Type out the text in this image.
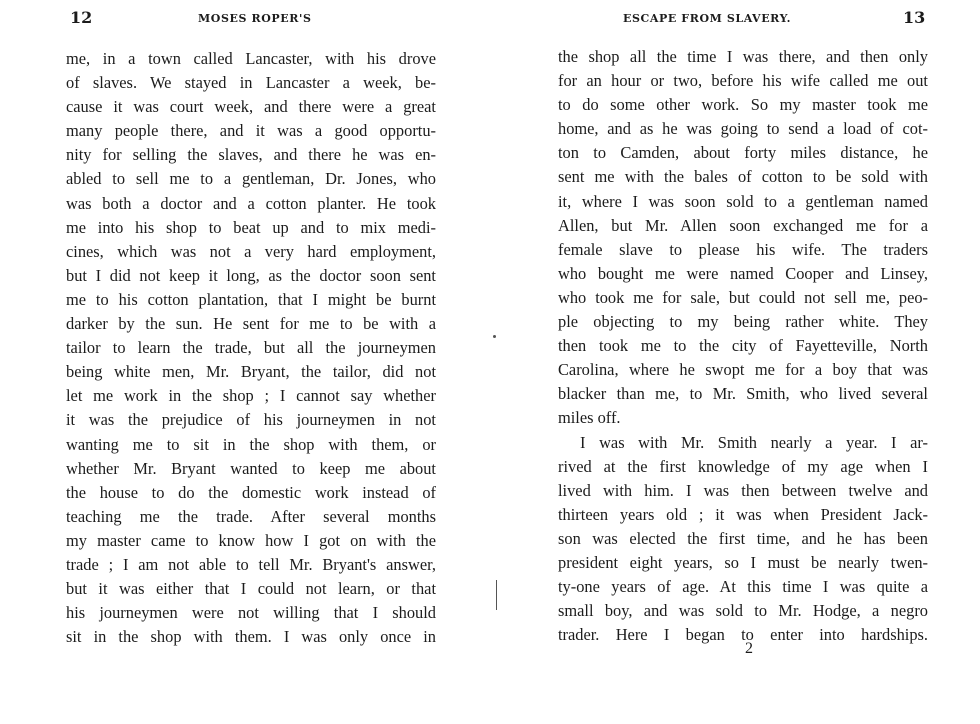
12	MOSES ROPER'S
me, in a town called Lancaster, with his drove
of slaves. We stayed in Lancaster a week, be-
cause it was court week, and there were a great
many people there, and it was a good opportu-
nity for selling the slaves, and there he was en-
abled to sell me to a gentleman, Dr. Jones, who
was both a doctor and a cotton planter. He took
me into his shop to beat up and to mix medi-
cines, which was not a very hard employment,
but I did not keep it long, as the doctor soon sent
me to his cotton plantation, that I might be burnt
darker by the sun. He sent for me to be with a
tailor to learn the trade, but all the journeymen
being white men, Mr. Bryant, the tailor, did not
let me work in the shop ; I cannot say whether
it was the prejudice of his journeymen in not
wanting me to sit in the shop with them, or
whether Mr. Bryant wanted to keep me about
the house to do the domestic work instead of
teaching me the trade. After several months
my master came to know how I got on with the
trade ; I am not able to tell Mr. Bryant's answer,
but it was either that I could not learn, or that
his journeymen were not willing that I should
sit in the shop with them. I was only once in
ESCAPE FROM SLAVERY.	13
the shop all the time I was there, and then only
for an hour or two, before his wife called me out
to do some other work. So my master took me
home, and as he was going to send a load of cot-
ton to Camden, about forty miles distance, he
sent me with the bales of cotton to be sold with
it, where I was soon sold to a gentleman named
Allen, but Mr. Allen soon exchanged me for a
female slave to please his wife. The traders
who bought me were named Cooper and Linsey,
who took me for sale, but could not sell me, peo-
ple objecting to my being rather white. They
then took me to the city of Fayetteville, North
Carolina, where he swopt me for a boy that was
blacker than me, to Mr. Smith, who lived several
miles off.
I was with Mr. Smith nearly a year. I ar-
rived at the first knowledge of my age when I
lived with him. I was then between twelve and
thirteen years old ; it was when President Jack-
son was elected the first time, and he has been
president eight years, so I must be nearly twen-
ty-one years of age. At this time I was quite a
small boy, and was sold to Mr. Hodge, a negro
trader. Here I began to enter into hardships.
2
